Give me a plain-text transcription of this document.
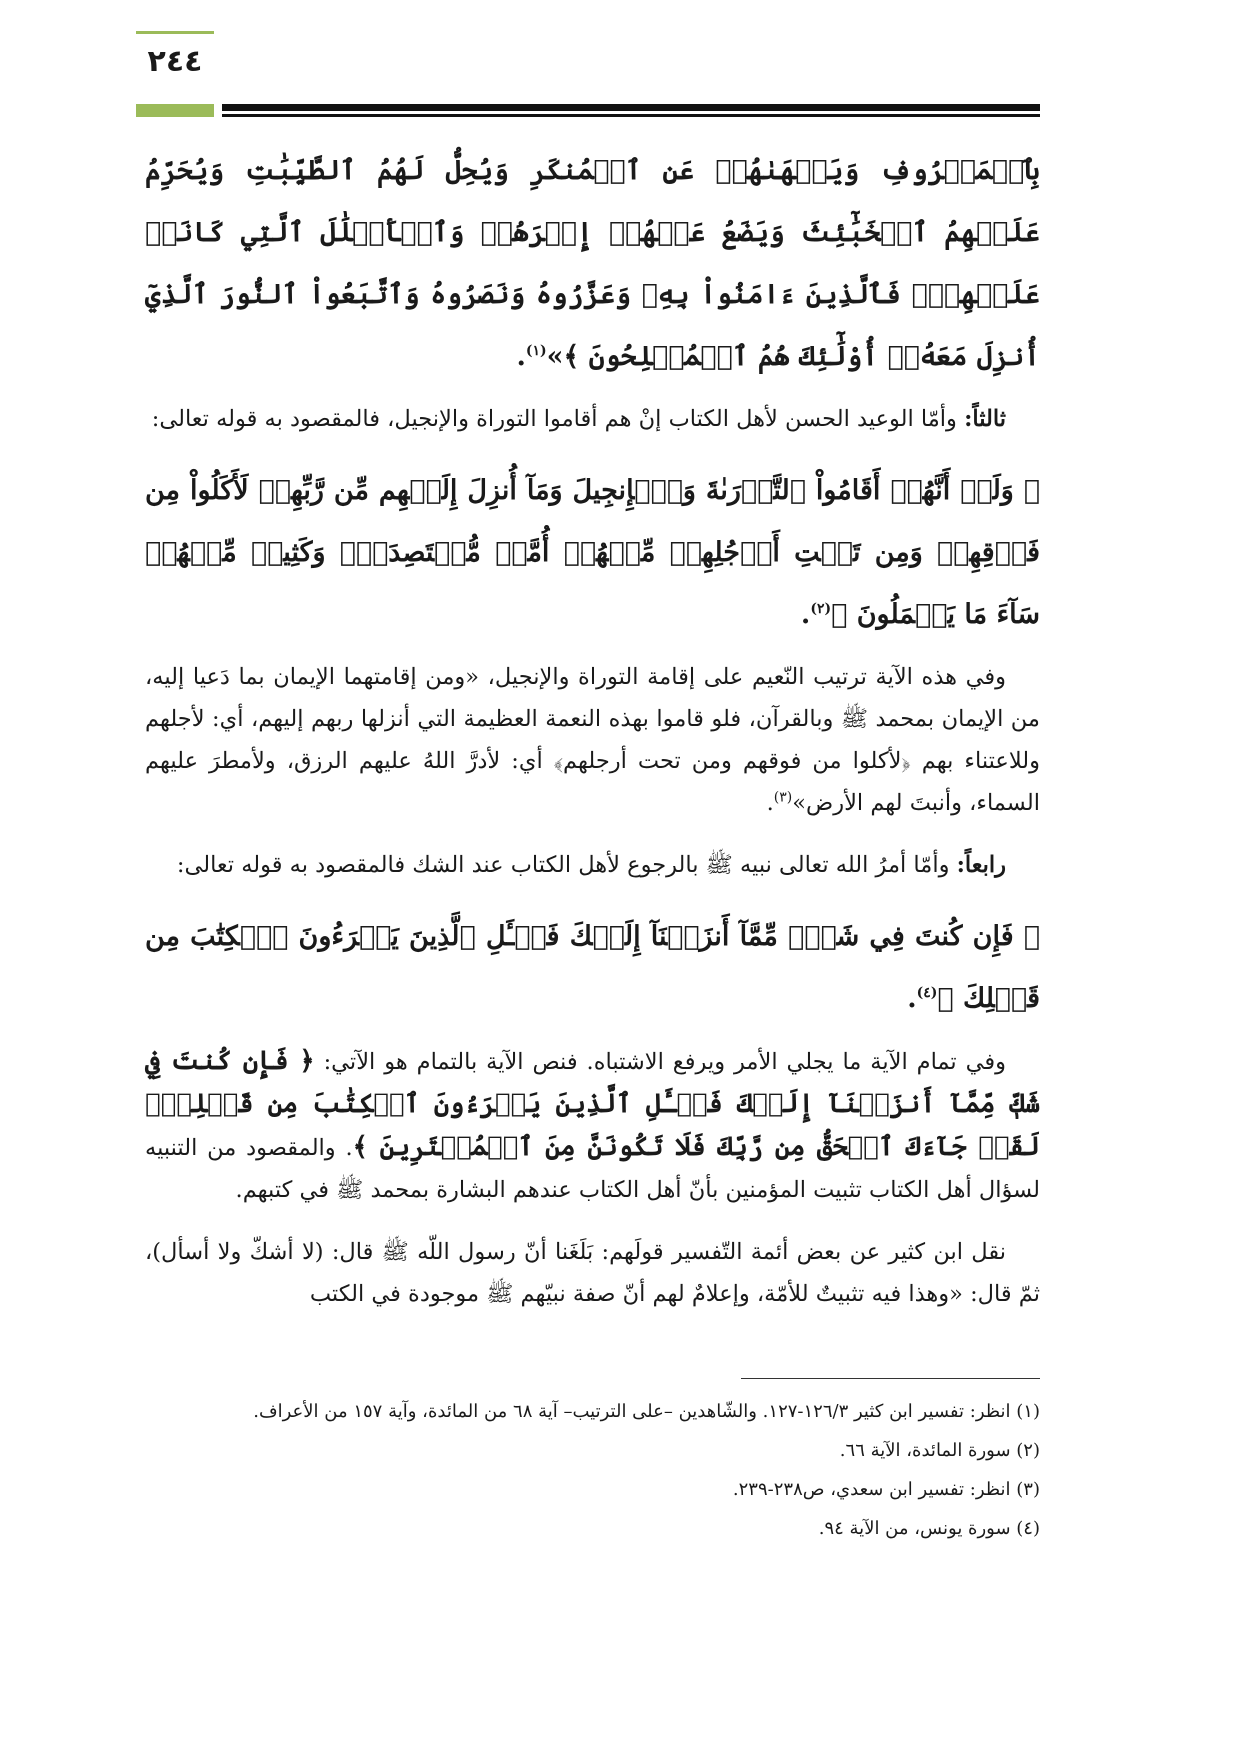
٢٤٤

بِٱلۡمَعۡرُوفِ وَيَنۡهَىٰهُمۡ عَنِ ٱلۡمُنكَرِ وَيُحِلُّ لَهُمُ ٱلطَّيِّبَٰتِ وَيُحَرِّمُ عَلَيۡهِمُ ٱلۡخَبَٰٓئِثَ وَيَضَعُ عَنۡهُمۡ إِصۡرَهُمۡ وَٱلۡأَغۡلَٰلَ ٱلَّتِي كَانَتۡ عَلَيۡهِمۡۚ فَٱلَّذِينَ ءَامَنُواْ بِهِۦ وَعَزَّرُوهُ وَنَصَرُوهُ وَٱتَّبَعُواْ ٱلنُّورَ ٱلَّذِيٓ أُنزِلَ مَعَهُۥٓ أُوْلَٰٓئِكَ هُمُ ٱلۡمُفۡلِحُونَ ﴾»$^{(١)}$.

ثالثاً: وأمّا الوعيد الحسن لأهل الكتاب إنْ هم أقاموا التوراة والإنجيل، فالمقصود به قوله تعالى:

﴿ وَلَوۡ أَنَّهُمۡ أَقَامُواْ ٱلتَّوۡرَىٰةَ وَٱلۡإِنجِيلَ وَمَآ أُنزِلَ إِلَيۡهِم مِّن رَّبِّهِمۡ لَأَكَلُواْ مِن فَوۡقِهِمۡ وَمِن تَحۡتِ أَرۡجُلِهِمۚ مِّنۡهُمۡ أُمَّةٞ مُّقۡتَصِدَةٞۖ وَكَثِيرٞ مِّنۡهُمۡ سَآءَ مَا يَعۡمَلُونَ ﴾$^{(٢)}$.

وفي هذه الآية ترتيب النّعيم على إقامة التوراة والإنجيل، «ومن إقامتهما الإيمان بما دَعيا إليه، من الإيمان بمحمد ﷺ وبالقرآن، فلو قاموا بهذه النعمة العظيمة التي أنزلها ربهم إليهم، أي: لأجلهم وللاعتناء بهم ﴿لأكلوا من فوقهم ومن تحت أرجلهم﴾ أي: لأدرَّ اللهُ عليهم الرزق، ولأمطرَ عليهم السماء، وأنبتَ لهم الأرض»$^{(٣)}$.

رابعاً: وأمّا أمرُ الله تعالى نبيه ﷺ بالرجوع لأهل الكتاب عند الشك فالمقصود به قوله تعالى:

﴿ فَإِن كُنتَ فِي شَكّٖ مِّمَّآ أَنزَلۡنَآ إِلَيۡكَ فَسۡـَٔلِ ٱلَّذِينَ يَقۡرَءُونَ ٱلۡكِتَٰبَ مِن قَبۡلِكَ ﴾$^{(٤)}$.

وفي تمام الآية ما يجلي الأمر ويرفع الاشتباه. فنص الآية بالتمام هو الآتي: ﴿ فَإِن كُنتَ فِي شَكّٖ مِّمَّآ أَنزَلۡنَآ إِلَيۡكَ فَسۡـَٔلِ ٱلَّذِينَ يَقۡرَءُونَ ٱلۡكِتَٰبَ مِن قَبۡلِكَۚ لَقَدۡ جَآءَكَ ٱلۡحَقُّ مِن رَّبِّكَ فَلَا تَكُونَنَّ مِنَ ٱلۡمُمۡتَرِينَ ﴾. والمقصود من التنبيه لسؤال أهل الكتاب تثبيت المؤمنين بأنّ أهل الكتاب عندهم البشارة بمحمد ﷺ في كتبهم.

نقل ابن كثير عن بعض أئمة التّفسير قولَهم: بَلَغَنا أنّ رسول اللّه ﷺ قال: (لا أشكّ ولا أسأل)، ثمّ قال: «وهذا فيه تثبيتٌ للأمّة، وإعلامٌ لهم أنّ صفة نبيّهم ﷺ موجودة في الكتب

(١) انظر: تفسير ابن كثير ١٢٦/٣-١٢٧. والشّاهدين –على الترتيب– آية ٦٨ من المائدة، وآية ١٥٧ من الأعراف.

(٢) سورة المائدة، الآية ٦٦.

(٣) انظر: تفسير ابن سعدي، ص٢٣٨-٢٣٩.

(٤) سورة يونس، من الآية ٩٤.
